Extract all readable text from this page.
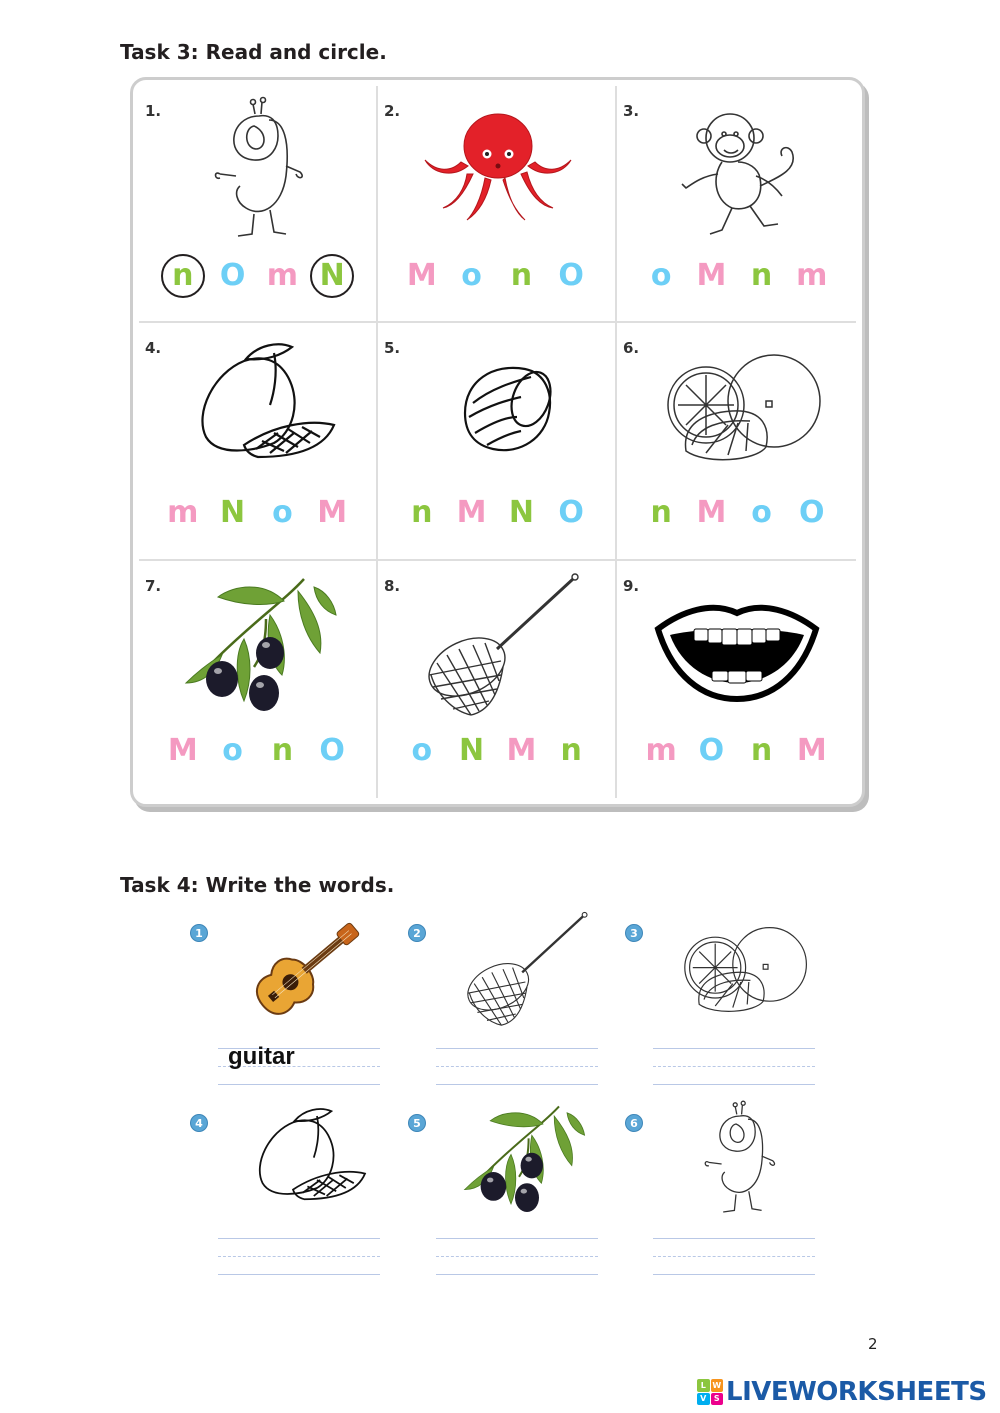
Task 3: Read and circle.
1.
n O m N
2.
M o n O
3.
o M n m
4.
m N o M
5.
n M N O
6.
n M o O
7.
M o n O
8.
o N M n
9.
m O n M
Task 4: Write the words.
1
guitar	2	3
4	5	6
2
L W
V S LIVEWORKSHEETS
